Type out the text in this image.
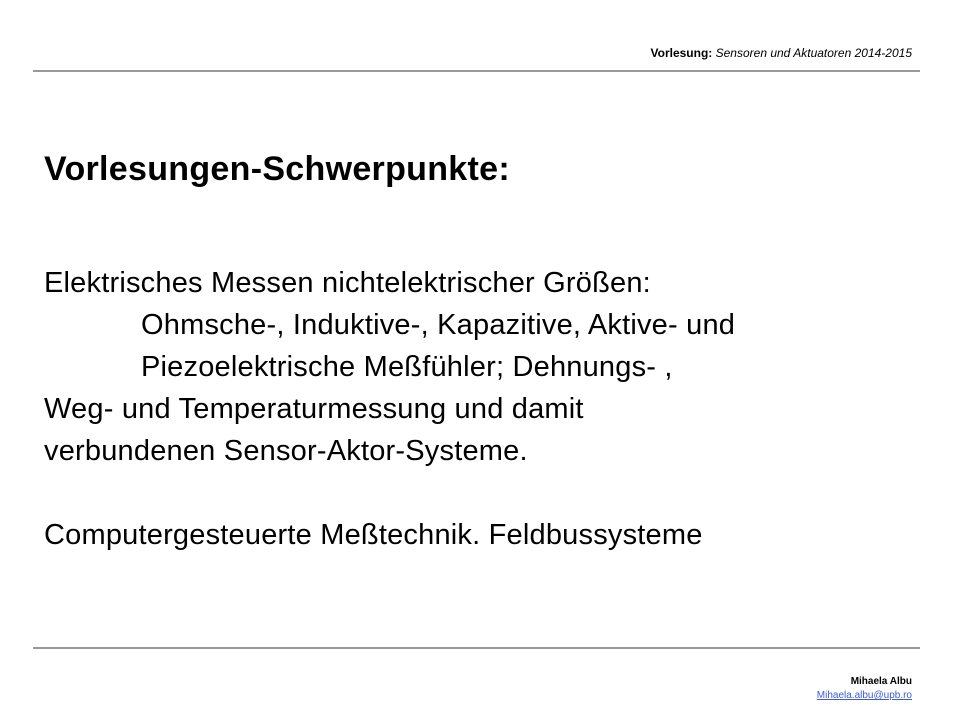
Vorlesung: Sensoren und Aktuatoren 2014-2015
Vorlesungen-Schwerpunkte:
Elektrisches Messen nichtelektrischer Größen:
Ohmsche-, Induktive-, Kapazitive, Aktive- und
Piezoelektrische Meßfühler; Dehnungs- ,
Weg- und Temperaturmessung und damit
verbundenen Sensor-Aktor-Systeme.
Computergesteuerte Meßtechnik. Feldbussysteme
Mihaela Albu
Mihaela.albu@upb.ro
